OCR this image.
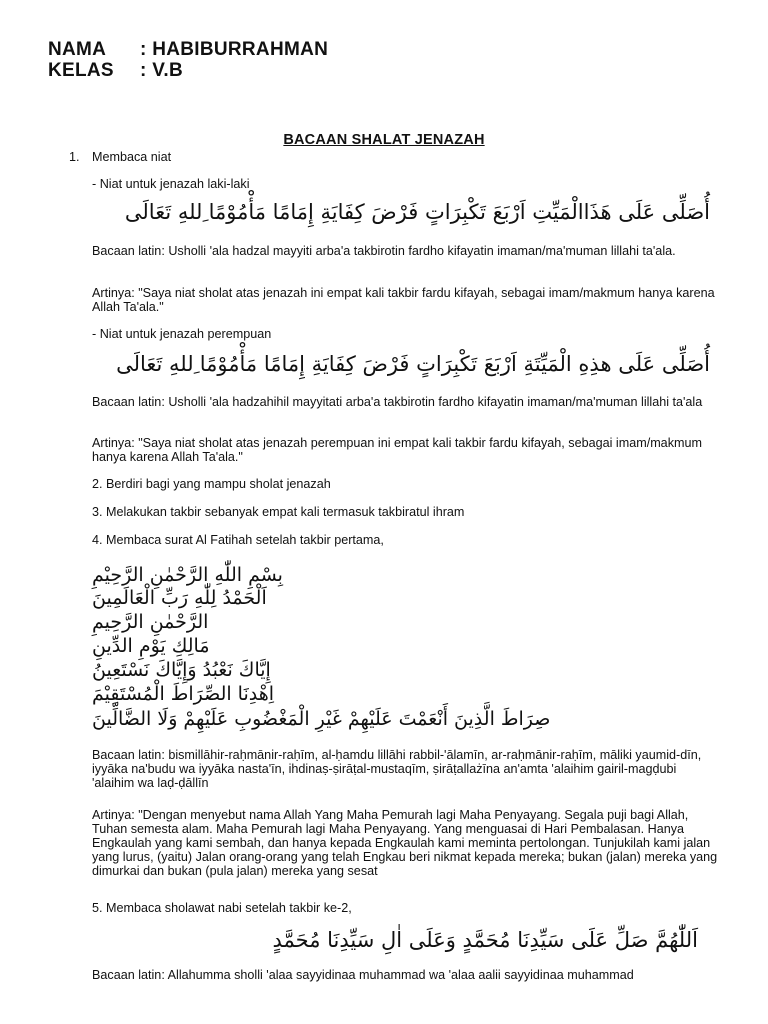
NAMA : HABIBURRAHMAN
KELAS : V.B
BACAAN SHALAT JENAZAH
1. Membaca niat
- Niat untuk jenazah laki-laki
أُصَلِّى عَلَى هَذَاالْمَيِّتِ اَرْبَعَ تَكْبِرَاتٍ فَرْضَ كِفَايَةِ إِمَامًا مَأْمُوْمًا ِللهِ تَعَالَى
Bacaan latin: Usholli 'ala hadzal mayyiti arba'a takbirotin fardho kifayatin imaman/ma'muman lillahi ta'ala.
Artinya: "Saya niat sholat atas jenazah ini empat kali takbir fardu kifayah, sebagai imam/makmum hanya karena Allah Ta'ala."
- Niat untuk jenazah perempuan
أُصَلِّى عَلَى هذِهِ الْمَيِّتَةِ اَرْبَعَ تَكْبِرَاتٍ فَرْضَ كِفَايَةِ إِمَامًا مَأْمُوْمًا ِللهِ تَعَالَى
Bacaan latin: Usholli 'ala hadzahihil mayyitati arba'a takbirotin fardho kifayatin imaman/ma'muman lillahi ta'ala
Artinya: "Saya niat sholat atas jenazah perempuan ini empat kali takbir fardu kifayah, sebagai imam/makmum hanya karena Allah Ta'ala."
2. Berdiri bagi yang mampu sholat jenazah
3. Melakukan takbir sebanyak empat kali termasuk takbiratul ihram
4. Membaca surat Al Fatihah setelah takbir pertama,
بِسْمِ اللّٰهِ الرَّحْمٰنِ الرَّحِيْمِ
اَلْحَمْدُ لِلّٰهِ رَبِّ الْعَالَمِينَ
الرَّحْمٰنِ الرَّحِيمِ
مَالِكِ يَوْمِ الدِّينِ
إِيَّاكَ نَعْبُدُ وَإِيَّاكَ نَسْتَعِينُ
اِهْدِنَا الصِّرَاطَ الْمُسْتَقِيْمَ
صِرَاطَ الَّذِينَ أَنْعَمْتَ عَلَيْهِمْ غَيْرِ الْمَغْضُوبِ عَلَيْهِمْ وَلَا الضَّالِّينَ
Bacaan latin: bismillāhir-raḥmānir-raḥīm, al-ḥamdu lillāhi rabbil-'ālamīn, ar-raḥmānir-raḥīm, māliki yaumid-dīn, iyyāka na'budu wa iyyāka nasta'īn, ihdinaṣ-ṣirāṭal-mustaqīm, ṣirāṭallażīna an'amta 'alaihim gairil-magḍubi 'alaihim wa laḍ-ḍāllīn
Artinya: "Dengan menyebut nama Allah Yang Maha Pemurah lagi Maha Penyayang. Segala puji bagi Allah, Tuhan semesta alam. Maha Pemurah lagi Maha Penyayang. Yang menguasai di Hari Pembalasan. Hanya Engkaulah yang kami sembah, dan hanya kepada Engkaulah kami meminta pertolongan. Tunjukilah kami jalan yang lurus, (yaitu) Jalan orang-orang yang telah Engkau beri nikmat kepada mereka; bukan (jalan) mereka yang dimurkai dan bukan (pula jalan) mereka yang sesat
5. Membaca sholawat nabi setelah takbir ke-2,
اَللّٰهُمَّ صَلِّ عَلَى سَيِّدِنَا مُحَمَّدٍ وَعَلَى اٰلِ سَيِّدِنَا مُحَمَّدٍ
Bacaan latin: Allahumma sholli 'alaa sayyidinaa muhammad wa 'alaa aalii sayyidinaa muhammad
